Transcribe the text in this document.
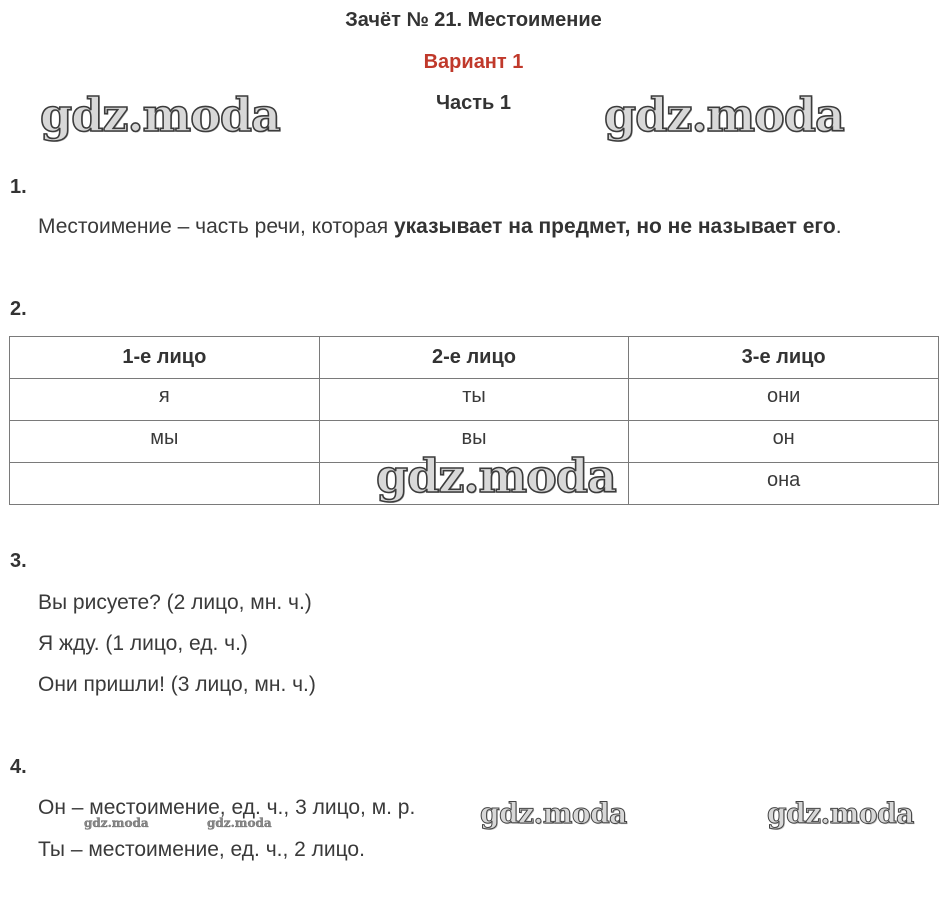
Зачёт № 21. Местоимение
Вариант 1
Часть 1
gdz.moda	gdz.moda
1.
Местоимение – часть речи, которая указывает на предмет, но не называет его.
2.
1-е лицо	2-е лицо	3-е лицо
я	ты	они
мы	вы	он
		она
gdz.moda
3.
Вы рисуете? (2 лицо, мн. ч.)
Я жду. (1 лицо, ед. ч.)
Они пришли! (3 лицо, мн. ч.)
4.
Он – местоимение, ед. ч., 3 лицо, м. р.
Ты – местоимение, ед. ч., 2 лицо.
gdz.moda	gdz.moda	gdz.moda	gdz.moda
